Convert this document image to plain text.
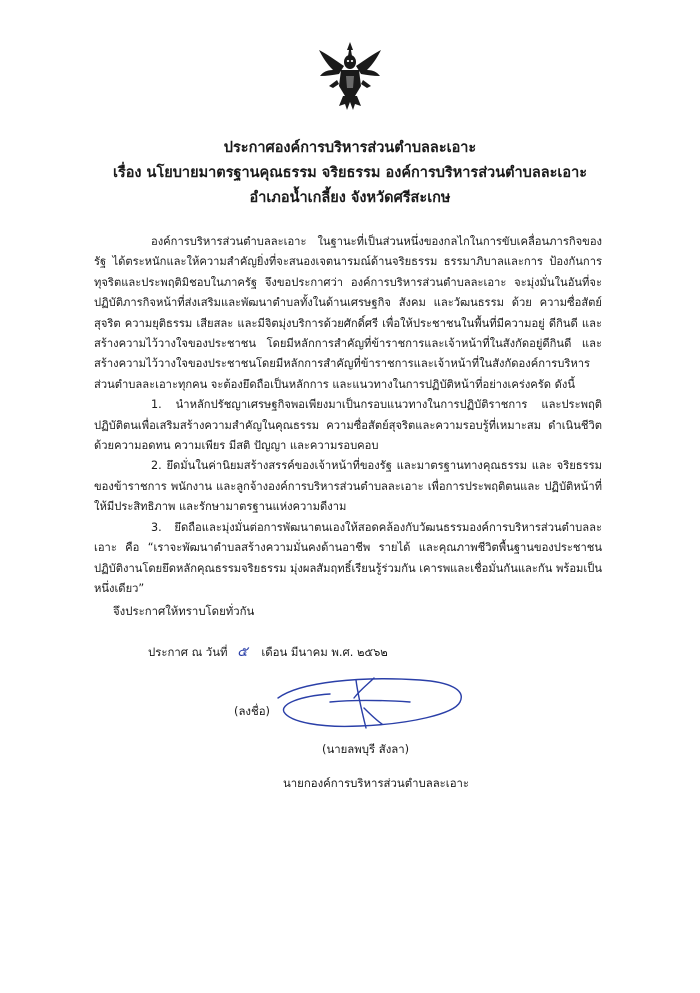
ประกาศองค์การบริหารส่วนตำบลละเอาะ
เรื่อง นโยบายมาตรฐานคุณธรรม จริยธรรม องค์การบริหารส่วนตำบลละเอาะ
อำเภอน้ำเกลี้ยง จังหวัดศรีสะเกษ

องค์การบริหารส่วนตำบลละเอาะ ในฐานะที่เป็นส่วนหนึ่งของกลไกในการขับเคลื่อนภารกิจของรัฐ ได้ตระหนักและให้ความสำคัญยิ่งที่จะสนองเจตนารมณ์ด้านจริยธรรม ธรรมาภิบาลและการ ป้องกันการทุจริตและประพฤติมิชอบในภาครัฐ จึงขอประกาศว่า องค์การบริหารส่วนตำบลละเอาะ จะมุ่งมั่นในอันที่จะปฏิบัติภารกิจหน้าที่ส่งเสริมและพัฒนาตำบลทั้งในด้านเศรษฐกิจ สังคม และวัฒนธรรม ด้วย ความซื่อสัตย์สุจริต ความยุติธรรม เสียสละ และมีจิตมุ่งบริการด้วยศักดิ์ศรี เพื่อให้ประชาชนในพื้นที่มีความอยู่ ดีกินดี และสร้างความไว้วางใจของประชาชน โดยมีหลักการสำคัญที่ข้าราชการและเจ้าหน้าที่ในสังกัดอยู่ดีกินดี และสร้างความไว้วางใจของประชาชนโดยมีหลักการสำคัญที่ข้าราชการและเจ้าหน้าที่ในสังกัดองค์การบริหาร ส่วนตำบลละเอาะทุกคน จะต้องยึดถือเป็นหลักการ และแนวทางในการปฏิบัติหน้าที่อย่างเคร่งครัด ดังนี้

1. นำหลักปรัชญาเศรษฐกิจพอเพียงมาเป็นกรอบแนวทางในการปฏิบัติราชการ และประพฤติปฏิบัติตนเพื่อเสริมสร้างความสำคัญในคุณธรรม ความซื่อสัตย์สุจริตและความรอบรู้ที่เหมาะสม ดำเนินชีวิตด้วยความอดทน ความเพียร มีสติ ปัญญา และความรอบคอบ

2. ยึดมั่นในค่านิยมสร้างสรรค์ของเจ้าหน้าที่ของรัฐ และมาตรฐานทางคุณธรรม และ จริยธรรมของข้าราชการ พนักงาน และลูกจ้างองค์การบริหารส่วนตำบลละเอาะ เพื่อการประพฤติตนและ ปฏิบัติหน้าที่ให้มีประสิทธิภาพ และรักษามาตรฐานแห่งความดีงาม

3. ยึดถือและมุ่งมั่นต่อการพัฒนาตนเองให้สอดคล้องกับวัฒนธรรมองค์การบริหารส่วนตำบลละเอาะ คือ “เราจะพัฒนาตำบลสร้างความมั่นคงด้านอาชีพ รายได้ และคุณภาพชีวิตพื้นฐานของประชาชน ปฏิบัติงานโดยยึดหลักคุณธรรมจริยธรรม มุ่งผลสัมฤทธิ์เรียนรู้ร่วมกัน เคารพและเชื่อมั่นกันและกัน พร้อมเป็นหนึ่งเดียว”

จึงประกาศให้ทราบโดยทั่วกัน
ประกาศ ณ วันที่ ๕ เดือน มีนาคม พ.ศ. ๒๕๖๒
(ลงชื่อ)
(นายลพบุรี สังลา)
นายกองค์การบริหารส่วนตำบลละเอาะ
